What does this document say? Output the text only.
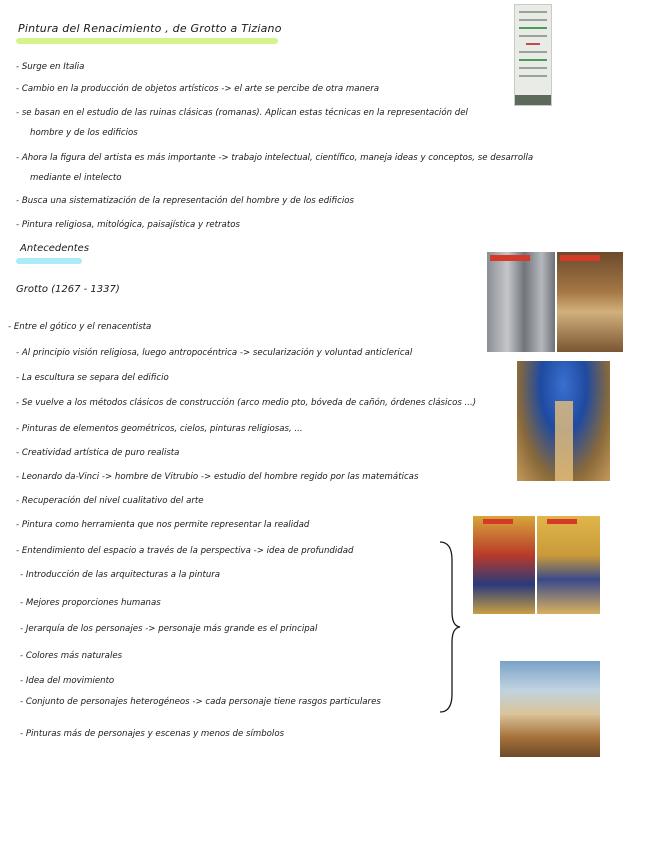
Pintura del Renacimiento , de Grotto a Tiziano
- Surge en Italia
- Cambio en la producción de objetos artísticos -> el arte se percibe de otra manera
- se basan en el estudio de las ruinas clásicas (romanas). Aplican estas técnicas en la representación del
hombre y de los edificios
- Ahora la figura del artista es más importante -> trabajo intelectual, científico, maneja ideas y conceptos, se desarrolla
mediante el intelecto
- Busca una sistematización de la representación del hombre y de los edificios
- Pintura religiosa, mitológica, paisajística y retratos
Antecedentes
Grotto (1267 - 1337)
- Entre el gótico y el renacentista
- Al principio visión religiosa, luego antropocéntrica -> secularización y voluntad anticlerical
- La escultura se separa del edificio
- Se vuelve a los métodos clásicos de construcción (arco medio pto, bóveda de cañón, órdenes clásicos ...)
- Pinturas de elementos geométricos, cielos, pinturas religiosas, ...
- Creatividad artística de puro realista
- Leonardo da-Vinci -> hombre de Vitrubio -> estudio del hombre regido por las matemáticas
- Recuperación del nivel cualitativo del arte
- Pintura como herramienta que nos permite representar la realidad
- Entendimiento del espacio a través de la perspectiva -> idea de profundidad
- Introducción de las arquitecturas a la pintura
- Mejores proporciones humanas
- Jerarquía de los personajes -> personaje más grande es el principal
- Colores más naturales
- Idea del movimiento
- Conjunto de personajes heterogéneos -> cada personaje tiene rasgos particulares
- Pinturas más de personajes y escenas y menos de símbolos
